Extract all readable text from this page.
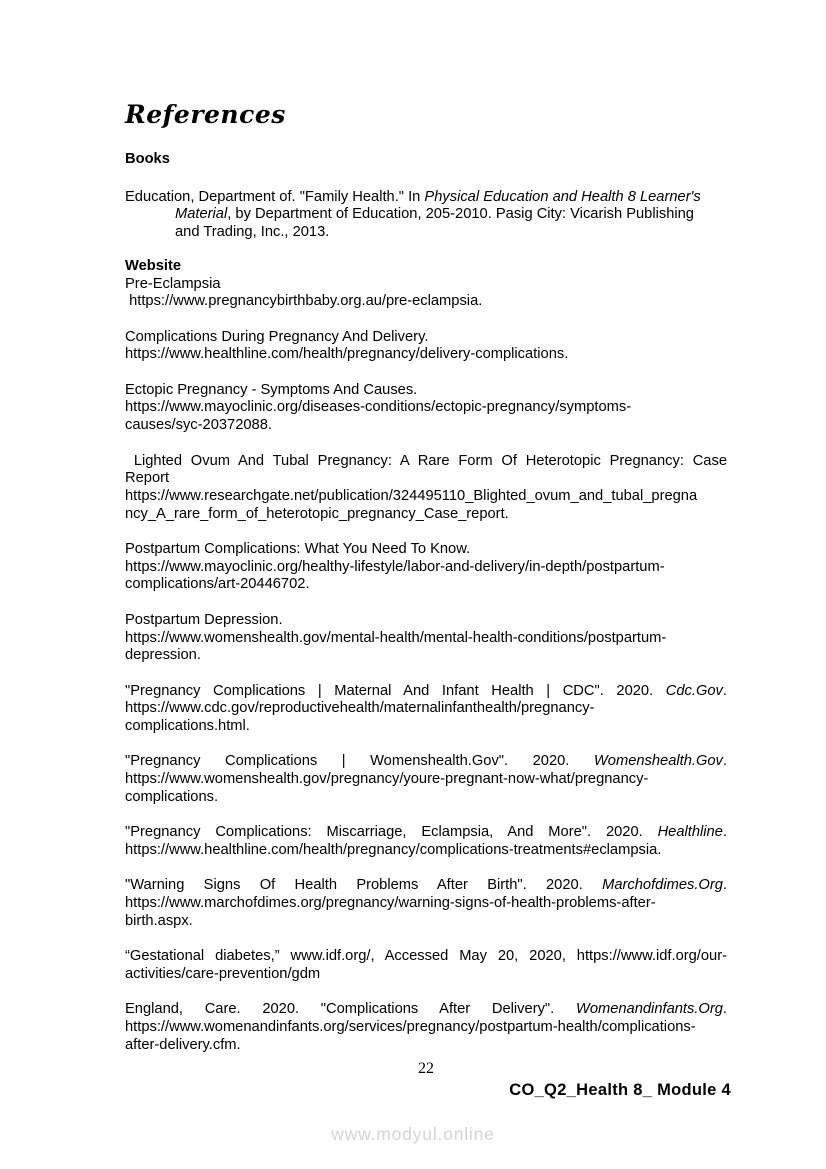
References
Books
Education, Department of. "Family Health." In Physical Education and Health 8 Learner's
Material, by Department of Education, 205-2010. Pasig City: Vicarish Publishing
and Trading, Inc., 2013.
Website
Pre-Eclampsia
https://www.pregnancybirthbaby.org.au/pre-eclampsia.
Complications During Pregnancy And Delivery.
https://www.healthline.com/health/pregnancy/delivery-complications.
Ectopic Pregnancy - Symptoms And Causes.
https://www.mayoclinic.org/diseases-conditions/ectopic-pregnancy/symptoms-
causes/syc-20372088.
Lighted Ovum And Tubal Pregnancy: A Rare Form Of Heterotopic Pregnancy: Case
Report
https://www.researchgate.net/publication/324495110_Blighted_ovum_and_tubal_pregna
ncy_A_rare_form_of_heterotopic_pregnancy_Case_report.
Postpartum Complications: What You Need To Know.
https://www.mayoclinic.org/healthy-lifestyle/labor-and-delivery/in-depth/postpartum-
complications/art-20446702.
Postpartum Depression.
https://www.womenshealth.gov/mental-health/mental-health-conditions/postpartum-
depression.
"Pregnancy Complications | Maternal And Infant Health | CDC". 2020. Cdc.Gov.
https://www.cdc.gov/reproductivehealth/maternalinfanthealth/pregnancy-
complications.html.
"Pregnancy Complications | Womenshealth.Gov". 2020. Womenshealth.Gov.
https://www.womenshealth.gov/pregnancy/youre-pregnant-now-what/pregnancy-
complications.
"Pregnancy Complications: Miscarriage, Eclampsia, And More". 2020. Healthline.
https://www.healthline.com/health/pregnancy/complications-treatments#eclampsia.
"Warning Signs Of Health Problems After Birth". 2020. Marchofdimes.Org.
https://www.marchofdimes.org/pregnancy/warning-signs-of-health-problems-after-
birth.aspx.
“Gestational diabetes,” www.idf.org/, Accessed May 20, 2020, https://www.idf.org/our-
activities/care-prevention/gdm
England, Care. 2020. "Complications After Delivery". Womenandinfants.Org.
https://www.womenandinfants.org/services/pregnancy/postpartum-health/complications-
after-delivery.cfm.
22
CO_Q2_Health 8_ Module 4
www.modyul.online
